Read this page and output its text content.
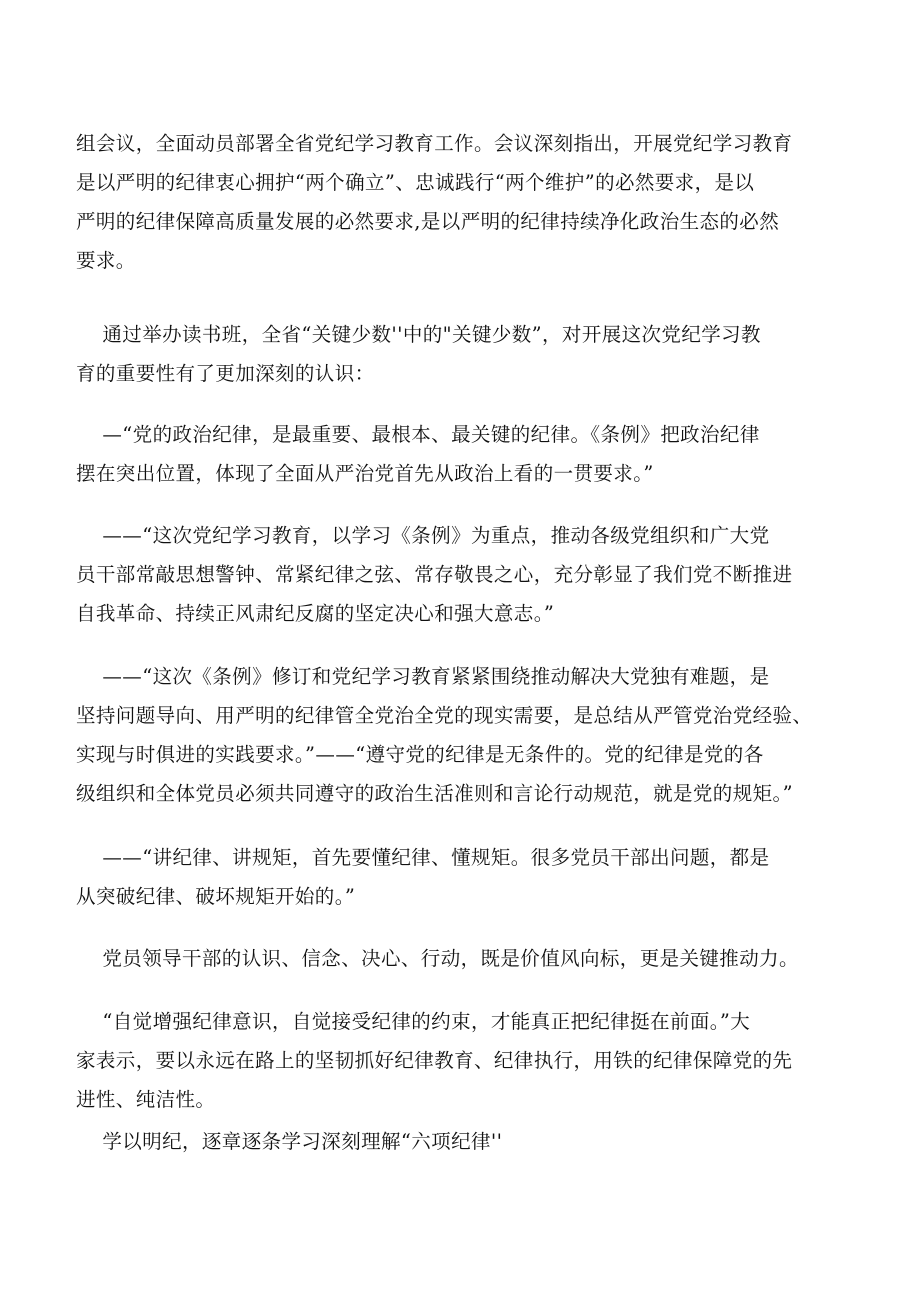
组会议，全面动员部署全省党纪学习教育工作。会议深刻指出，开展党纪学习教育
是以严明的纪律衷心拥护“两个确立”、忠诚践行“两个维护”的必然要求，是以
严明的纪律保障高质量发展的必然要求,是以严明的纪律持续净化政治生态的必然
要求。

通过举办读书班，全省“关键少数''中的"关键少数”，对开展这次党纪学习教
育的重要性有了更加深刻的认识：

—“党的政治纪律，是最重要、最根本、最关键的纪律。《条例》把政治纪律
摆在突出位置，体现了全面从严治党首先从政治上看的一贯要求。”

——“这次党纪学习教育，以学习《条例》为重点，推动各级党组织和广大党
员干部常敲思想警钟、常紧纪律之弦、常存敬畏之心，充分彰显了我们党不断推进
自我革命、持续正风肃纪反腐的坚定决心和强大意志。”

——“这次《条例》修订和党纪学习教育紧紧围绕推动解决大党独有难题，是
坚持问题导向、用严明的纪律管全党治全党的现实需要，是总结从严管党治党经验、
实现与时俱进的实践要求。”——“遵守党的纪律是无条件的。党的纪律是党的各
级组织和全体党员必须共同遵守的政治生活准则和言论行动规范，就是党的规矩。”

——“讲纪律、讲规矩，首先要懂纪律、懂规矩。很多党员干部出问题，都是
从突破纪律、破坏规矩开始的。”

党员领导干部的认识、信念、决心、行动，既是价值风向标，更是关键推动力。

“自觉增强纪律意识，自觉接受纪律的约束，才能真正把纪律挺在前面。”大
家表示，要以永远在路上的坚韧抓好纪律教育、纪律执行，用铁的纪律保障党的先
进性、纯洁性。

学以明纪，逐章逐条学习深刻理解“六项纪律''
